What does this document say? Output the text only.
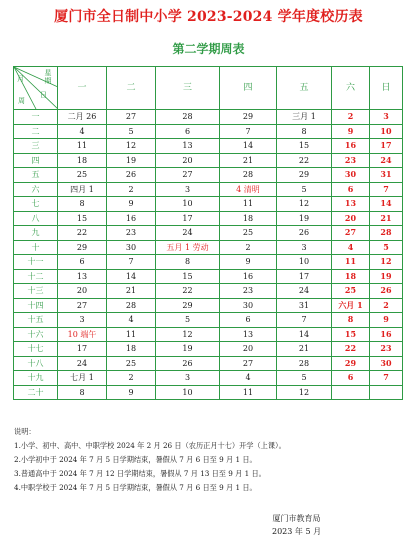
厦门市全日制中小学 2023-2024 学年度校历表
第二学期周表
星期
月
日
周	一	二	三	四	五	六	日
一	二月 26	27	28	29	三月 1	2	3
二	4	5	6	7	8	9	10
三	11	12	13	14	15	16	17
四	18	19	20	21	22	23	24
五	25	26	27	28	29	30	31
六	四月 1	2	3	4 清明	5	6	7
七	8	9	10	11	12	13	14
八	15	16	17	18	19	20	21
九	22	23	24	25	26	27	28
十	29	30	五月 1 劳动	2	3	4	5
十一	6	7	8	9	10	11	12
十二	13	14	15	16	17	18	19
十三	20	21	22	23	24	25	26
十四	27	28	29	30	31	六月 1	2
十五	3	4	5	6	7	8	9
十六	10 端午	11	12	13	14	15	16
十七	17	18	19	20	21	22	23
十八	24	25	26	27	28	29	30
十九	七月 1	2	3	4	5	6	7
二十	8	9	10	11	12		
说明：
1.小学、初中、高中、中职学校 2024 年 2 月 26 日（农历正月十七）开学（上课）。
2.小学初中于 2024 年 7 月 5 日学期结束，暑假从 7 月 6 日至 9 月 1 日。
3.普通高中于 2024 年 7 月 12 日学期结束，暑假从 7 月 13 日至 9 月 1 日。
4.中职学校于 2024 年 7 月 5 日学期结束，暑假从 7 月 6 日至 9 月 1 日。
厦门市教育局
2023 年 5 月
